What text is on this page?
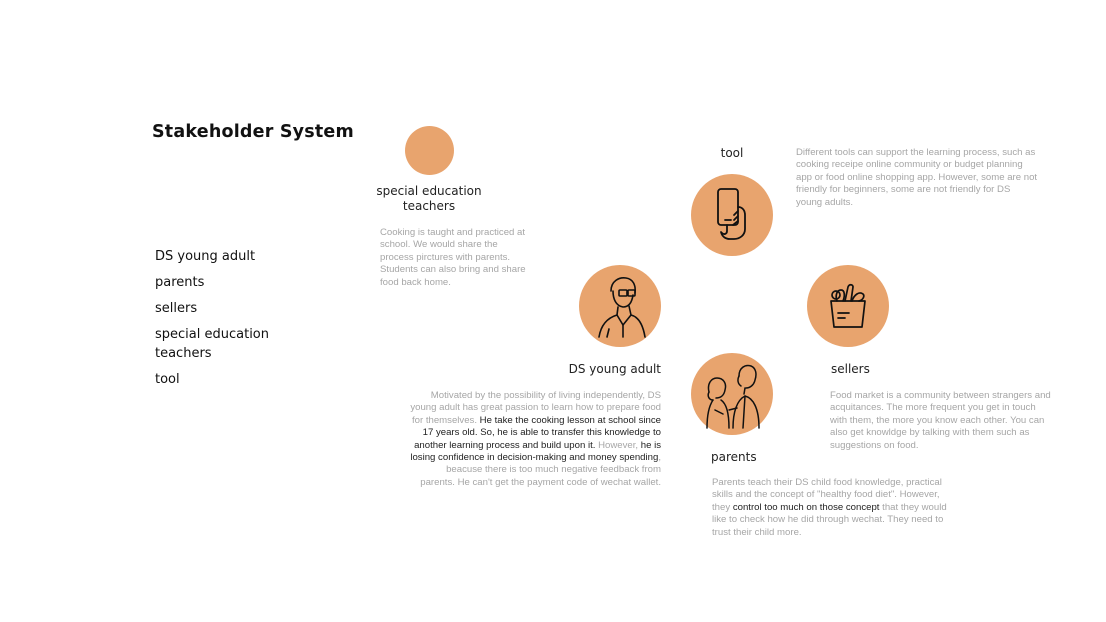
Stakeholder System
DS young adult
parents
sellers
special education teachers
tool
special education teachers
Cooking is taught and practiced at school. We would share the process pirctures with parents. Students can also bring and share food back home.
tool	Different tools can support the learning process, such as cooking receipe online community or budget planning app or food online shopping app. However, some are not friendly for beginners, some are not friendly for DS young adults.
DS young adult
Motivated by the possibility of living independently, DS young adult has great passion to learn how to prepare food for themselves. He take the cooking lesson at school since 17 years old. So, he is able to transfer this knowledge to another learning process and build upon it. However, he is losing confidence in decision-making and money spending, beacuse there is too much negative feedback from parents. He can't get the payment code of wechat wallet.
sellers
Food market is a community between strangers and acquitances. The more frequent you get in touch with them, the more you know each other. You can also get knowldge by talking with them such as suggestions on food.
parents
Parents teach their DS child food knowledge, practical skills and the concept of "healthy food diet". However, they control too much on those concept that they would like to check how he did through wechat. They need to trust their child more.
